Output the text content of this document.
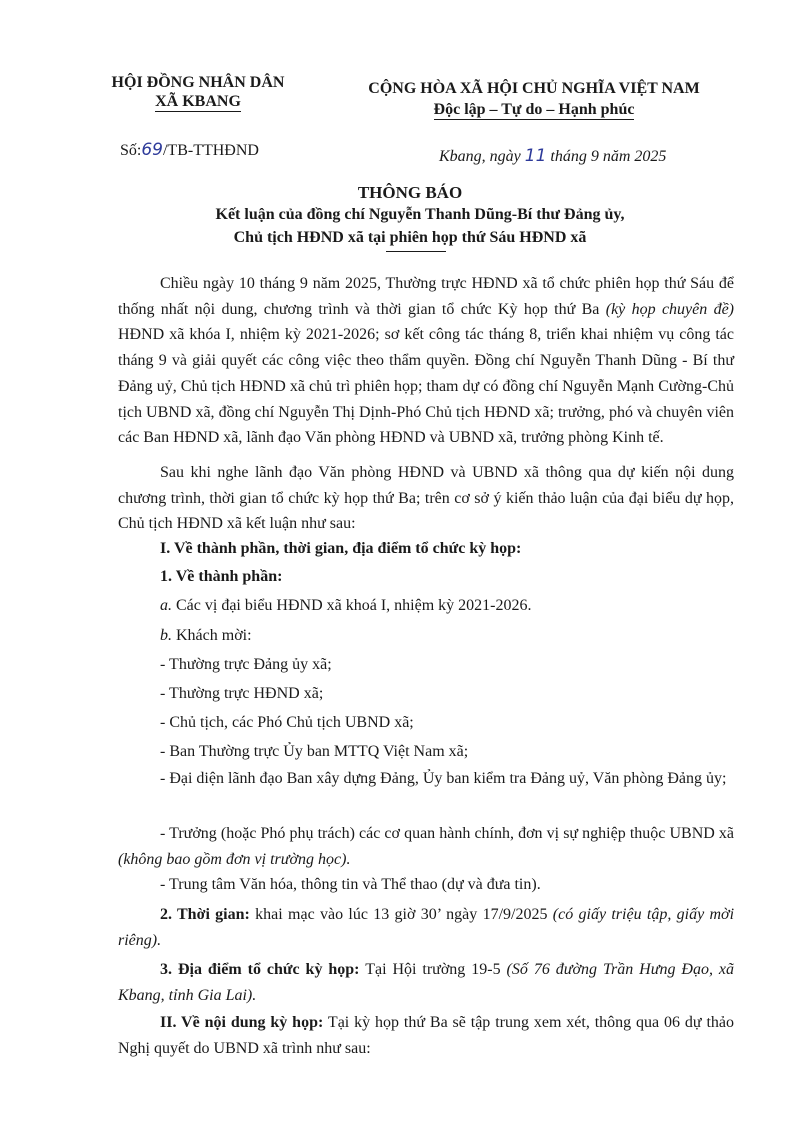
HỘI ĐỒNG NHÂN DÂN
XÃ KBANG
CỘNG HÒA XÃ HỘI CHỦ NGHĨA VIỆT NAM
Độc lập – Tự do – Hạnh phúc
Số:69/TB-TTHĐND	Kbang, ngày 11 tháng 9 năm 2025
THÔNG BÁO
Kết luận của đồng chí Nguyễn Thanh Dũng-Bí thư Đảng ủy,
Chủ tịch HĐND xã tại phiên họp thứ Sáu HĐND xã
Chiều ngày 10 tháng 9 năm 2025, Thường trực HĐND xã tổ chức phiên họp thứ Sáu để thống nhất nội dung, chương trình và thời gian tổ chức Kỳ họp thứ Ba (kỳ họp chuyên đề) HĐND xã khóa I, nhiệm kỳ 2021-2026; sơ kết công tác tháng 8, triển khai nhiệm vụ công tác tháng 9 và giải quyết các công việc theo thẩm quyền. Đồng chí Nguyễn Thanh Dũng - Bí thư Đảng uỷ, Chủ tịch HĐND xã chủ trì phiên họp; tham dự có đồng chí Nguyễn Mạnh Cường-Chủ tịch UBND xã, đồng chí Nguyễn Thị Dịnh-Phó Chủ tịch HĐND xã; trưởng, phó và chuyên viên các Ban HĐND xã, lãnh đạo Văn phòng HĐND và UBND xã, trưởng phòng Kinh tế.
Sau khi nghe lãnh đạo Văn phòng HĐND và UBND xã thông qua dự kiến nội dung chương trình, thời gian tổ chức kỳ họp thứ Ba; trên cơ sở ý kiến thảo luận của đại biểu dự họp, Chủ tịch HĐND xã kết luận như sau:
I. Về thành phần, thời gian, địa điểm tổ chức kỳ họp:
1. Về thành phần:
a. Các vị đại biểu HĐND xã khoá I, nhiệm kỳ 2021-2026.
b. Khách mời:
- Thường trực Đảng ủy xã;
- Thường trực HĐND xã;
- Chủ tịch, các Phó Chủ tịch UBND xã;
- Ban Thường trực Ủy ban MTTQ Việt Nam xã;
- Đại diện lãnh đạo Ban xây dựng Đảng, Ủy ban kiểm tra Đảng uỷ, Văn phòng Đảng ủy;
- Trưởng (hoặc Phó phụ trách) các cơ quan hành chính, đơn vị sự nghiệp thuộc UBND xã (không bao gồm đơn vị trường học).
- Trung tâm Văn hóa, thông tin và Thể thao (dự và đưa tin).
2. Thời gian: khai mạc vào lúc 13 giờ 30’ ngày 17/9/2025 (có giấy triệu tập, giấy mời riêng).
3. Địa điểm tổ chức kỳ họp: Tại Hội trường 19-5 (Số 76 đường Trần Hưng Đạo, xã Kbang, tỉnh Gia Lai).
II. Về nội dung kỳ họp: Tại kỳ họp thứ Ba sẽ tập trung xem xét, thông qua 06 dự thảo Nghị quyết do UBND xã trình như sau:
